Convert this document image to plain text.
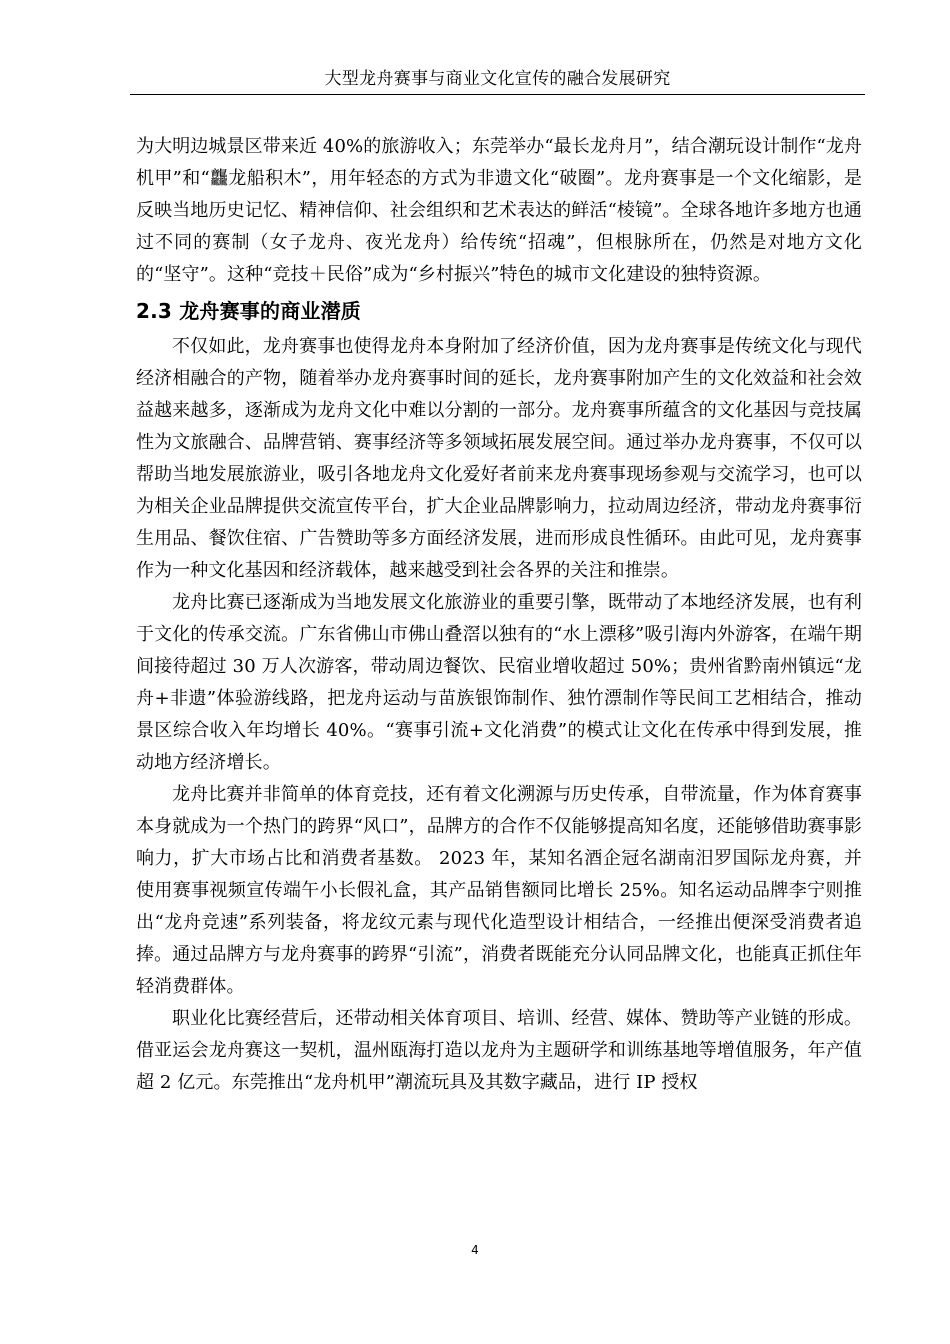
大型龙舟赛事与商业文化宣传的融合发展研究

为大明边城景区带来近 40%的旅游收入；东莞举办“最长龙舟月”，结合潮玩设计制作“龙舟机甲”和“龘龙船积木”，用年轻态的方式为非遗文化“破圈”。龙舟赛事是一个文化缩影，是反映当地历史记忆、精神信仰、社会组织和艺术表达的鲜活“棱镜”。全球各地许多地方也通过不同的赛制（女子龙舟、夜光龙舟）给传统“招魂”，但根脉所在，仍然是对地方文化的“坚守”。这种“竞技＋民俗”成为“乡村振兴”特色的城市文化建设的独特资源。

2.3 龙舟赛事的商业潜质

不仅如此，龙舟赛事也使得龙舟本身附加了经济价值，因为龙舟赛事是传统文化与现代经济相融合的产物，随着举办龙舟赛事时间的延长，龙舟赛事附加产生的文化效益和社会效益越来越多，逐渐成为龙舟文化中难以分割的一部分。龙舟赛事所蕴含的文化基因与竞技属性为文旅融合、品牌营销、赛事经济等多领域拓展发展空间。通过举办龙舟赛事，不仅可以帮助当地发展旅游业，吸引各地龙舟文化爱好者前来龙舟赛事现场参观与交流学习，也可以为相关企业品牌提供交流宣传平台，扩大企业品牌影响力，拉动周边经济，带动龙舟赛事衍生用品、餐饮住宿、广告赞助等多方面经济发展，进而形成良性循环。由此可见，龙舟赛事作为一种文化基因和经济载体，越来越受到社会各界的关注和推崇。

龙舟比赛已逐渐成为当地发展文化旅游业的重要引擎，既带动了本地经济发展，也有利于文化的传承交流。广东省佛山市佛山叠滘以独有的“水上漂移”吸引海内外游客，在端午期间接待超过 30 万人次游客，带动周边餐饮、民宿业增收超过 50%；贵州省黔南州镇远“龙舟+非遗”体验游线路，把龙舟运动与苗族银饰制作、独竹漂制作等民间工艺相结合，推动景区综合收入年均增长 40%。“赛事引流+文化消费”的模式让文化在传承中得到发展，推动地方经济增长。

龙舟比赛并非简单的体育竞技，还有着文化溯源与历史传承，自带流量，作为体育赛事本身就成为一个热门的跨界“风口”，品牌方的合作不仅能够提高知名度，还能够借助赛事影响力，扩大市场占比和消费者基数。 2023 年，某知名酒企冠名湖南汨罗国际龙舟赛，并使用赛事视频宣传端午小长假礼盒，其产品销售额同比增长 25%。知名运动品牌李宁则推出“龙舟竞速”系列装备，将龙纹元素与现代化造型设计相结合，一经推出便深受消费者追捧。通过品牌方与龙舟赛事的跨界“引流”，消费者既能充分认同品牌文化，也能真正抓住年轻消费群体。

职业化比赛经营后，还带动相关体育项目、培训、经营、媒体、赞助等产业链的形成。借亚运会龙舟赛这一契机，温州瓯海打造以龙舟为主题研学和训练基地等增值服务，年产值超 2 亿元。东莞推出“龙舟机甲”潮流玩具及其数字藏品，进行 IP 授权

4
